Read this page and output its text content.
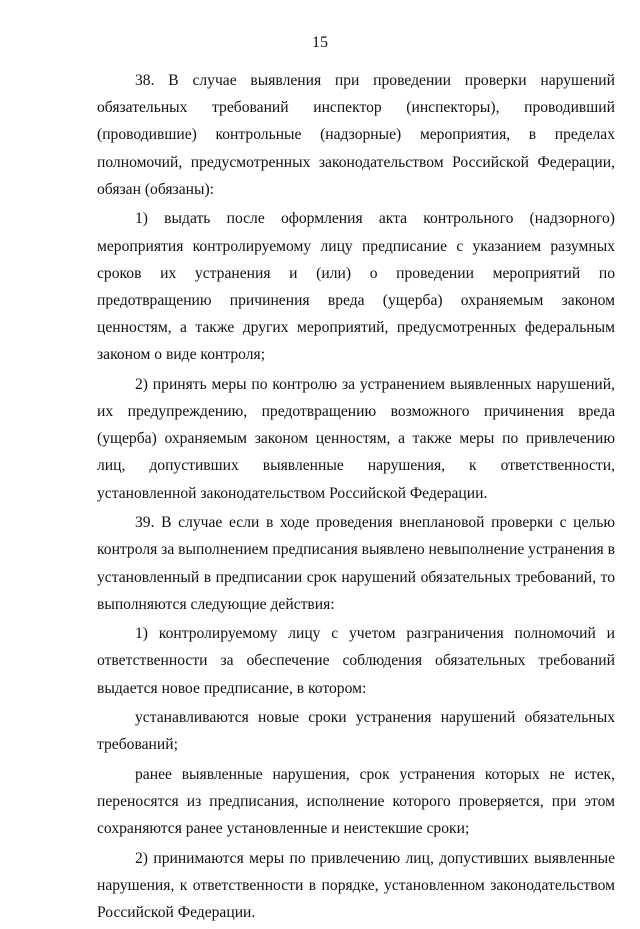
15

38. В случае выявления при проведении проверки нарушений обязательных требований инспектор (инспекторы), проводивший (проводившие) контрольные (надзорные) мероприятия, в пределах полномочий, предусмотренных законодательством Российской Федерации, обязан (обязаны):

1) выдать после оформления акта контрольного (надзорного) мероприятия контролируемому лицу предписание с указанием разумных сроков их устранения и (или) о проведении мероприятий по предотвращению причинения вреда (ущерба) охраняемым законом ценностям, а также других мероприятий, предусмотренных федеральным законом о виде контроля;

2) принять меры по контролю за устранением выявленных нарушений, их предупреждению, предотвращению возможного причинения вреда (ущерба) охраняемым законом ценностям, а также меры по привлечению лиц, допустивших выявленные нарушения, к ответственности, установленной законодательством Российской Федерации.

39. В случае если в ходе проведения внеплановой проверки с целью контроля за выполнением предписания выявлено невыполнение устранения в установленный в предписании срок нарушений обязательных требований, то выполняются следующие действия:

1) контролируемому лицу с учетом разграничения полномочий и ответственности за обеспечение соблюдения обязательных требований выдается новое предписание, в котором:

устанавливаются новые сроки устранения нарушений обязательных требований;

ранее выявленные нарушения, срок устранения которых не истек, переносятся из предписания, исполнение которого проверяется, при этом сохраняются ранее установленные и неистекшие сроки;

2) принимаются меры по привлечению лиц, допустивших выявленные нарушения, к ответственности в порядке, установленном законодательством Российской Федерации.
